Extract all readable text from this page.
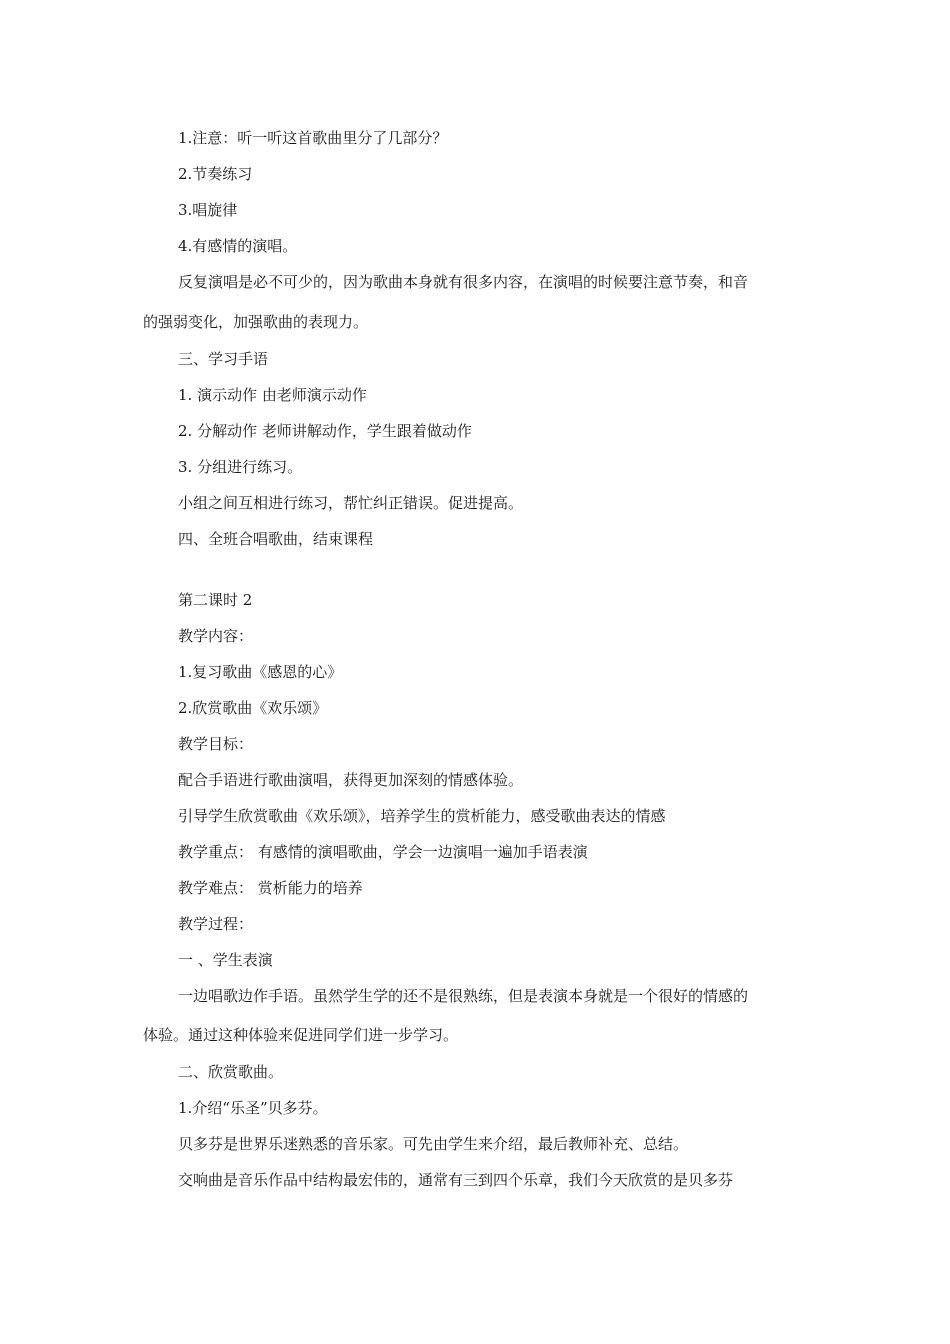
1.注意：听一听这首歌曲里分了几部分？
2.节奏练习
3.唱旋律
4.有感情的演唱。
反复演唱是必不可少的，因为歌曲本身就有很多内容，在演唱的时候要注意节奏，和音
的强弱变化，加强歌曲的表现力。
三、学习手语
1. 演示动作 由老师演示动作
2. 分解动作 老师讲解动作，学生跟着做动作
3. 分组进行练习。
小组之间互相进行练习，帮忙纠正错误。促进提高。
四、全班合唱歌曲，结束课程
第二课时 2
教学内容：
1.复习歌曲《感恩的心》
2.欣赏歌曲《欢乐颂》
教学目标：
配合手语进行歌曲演唱，获得更加深刻的情感体验。
引导学生欣赏歌曲《欢乐颂》，培养学生的赏析能力，感受歌曲表达的情感
教学重点： 有感情的演唱歌曲，学会一边演唱一遍加手语表演
教学难点： 赏析能力的培养
教学过程：
一 、学生表演
一边唱歌边作手语。虽然学生学的还不是很熟练，但是表演本身就是一个很好的情感的
体验。通过这种体验来促进同学们进一步学习。
二、欣赏歌曲。
1.介绍“乐圣”贝多芬。
贝多芬是世界乐迷熟悉的音乐家。可先由学生来介绍，最后教师补充、总结。
交响曲是音乐作品中结构最宏伟的，通常有三到四个乐章，我们今天欣赏的是贝多芬
